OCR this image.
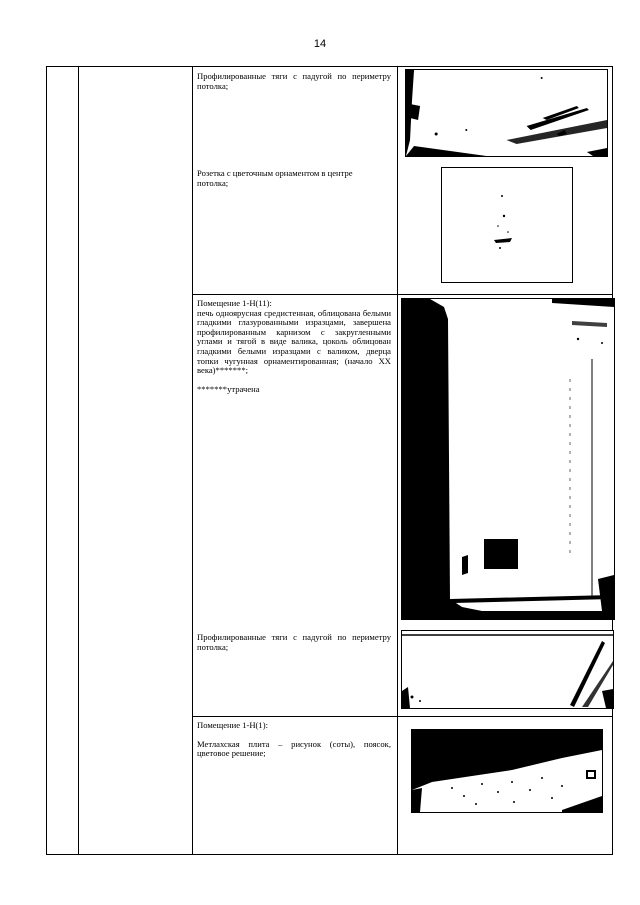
14

Профилированные тяги с падугой по периметру потолка;

Розетка с цветочным орнаментом в центре потолка;

Помещение 1-Н(11):

печь одноярусная средистенная, облицована белыми гладкими глазурованными изразцами, завершена профилированным карнизом с закругленными углами и тягой в виде валика, цоколь облицован гладкими белыми изразцами с валиком, дверца топки чугунная орнаментированная; (начало XX века)*******;

*******утрачена

Профилированные тяги с падугой по периметру потолка;

Помещение 1-Н(1):

Метлахская плита – рисунок (соты), поясок, цветовое решение;
